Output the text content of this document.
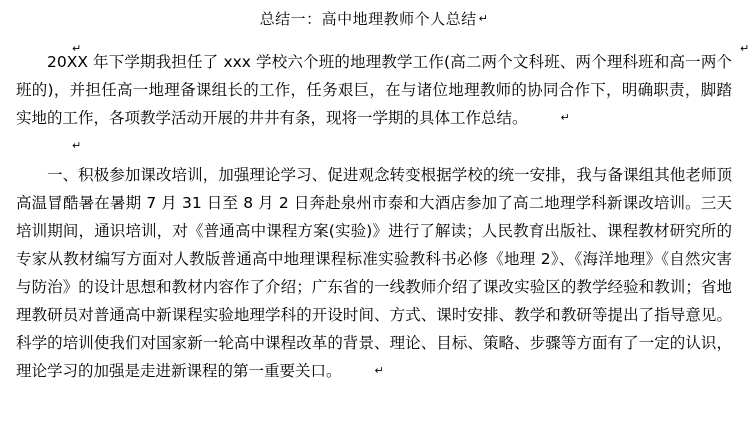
总结一：高中地理教师个人总结 ↵
↵	↵

20XX 年下学期我担任了 xxx 学校六个班的地理教学工作(高二两个文科班、两个理科班和高一两个班的)，并担任高一地理备课组长的工作，任务艰巨，在与诸位地理教师的协同合作下，明确职责，脚踏实地的工作，各项教学活动开展的井井有条，现将一学期的具体工作总结。	↵

↵

一、积极参加课改培训，加强理论学习、促进观念转变根据学校的统一安排，我与备课组其他老师顶高温冒酷暑在暑期 7 月 31 日至 8 月 2 日奔赴泉州市泰和大酒店参加了高二地理学科新课改培训。三天培训期间，通识培训，对《普通高中课程方案(实验)》进行了解读；人民教育出版社、课程教材研究所的专家从教材编写方面对人教版普通高中地理课程标准实验教科书必修《地理 2》、《海洋地理》《自然灾害与防治》的设计思想和教材内容作了介绍；广东省的一线教师介绍了课改实验区的教学经验和教训；省地理教研员对普通高中新课程实验地理学科的开设时间、方式、课时安排、教学和教研等提出了指导意见。科学的培训使我们对国家新一轮高中课程改革的背景、理论、目标、策略、步骤等方面有了一定的认识，理论学习的加强是走进新课程的第一重要关口。	↵
